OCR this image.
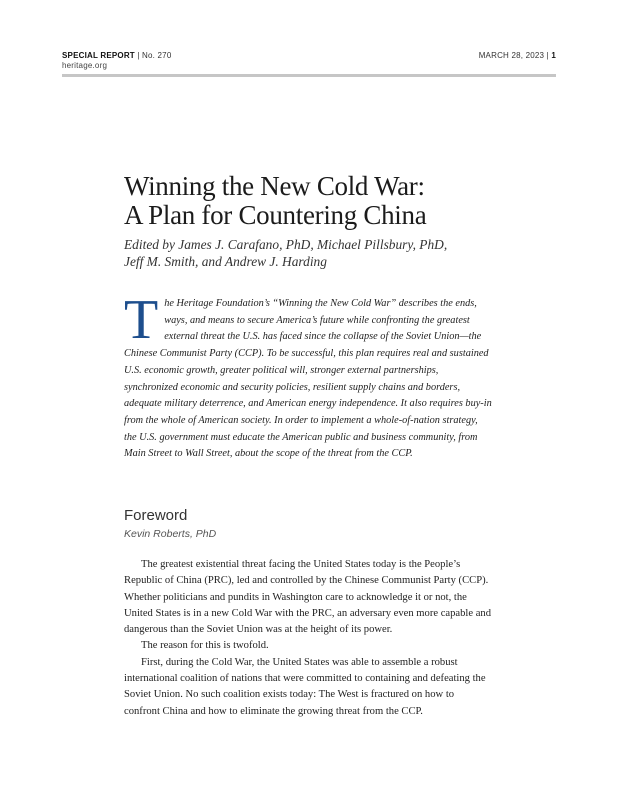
SPECIAL REPORT | No. 270
heritage.org
MARCH 28, 2023 | 1
Winning the New Cold War:
A Plan for Countering China

Edited by James J. Carafano, PhD, Michael Pillsbury, PhD,
Jeff M. Smith, and Andrew J. Harding

The Heritage Foundation’s “Winning the New Cold War” describes the ends, ways, and means to secure America’s future while confronting the greatest external threat the U.S. has faced since the collapse of the Soviet Union—the Chinese Communist Party (CCP). To be successful, this plan requires real and sustained U.S. economic growth, greater political will, stronger external partnerships, synchronized economic and security policies, resilient supply chains and borders, adequate military deterrence, and American energy independence. It also requires buy-in from the whole of American society. In order to implement a whole-of-nation strategy, the U.S. government must educate the American public and business community, from Main Street to Wall Street, about the scope of the threat from the CCP.

Foreword

Kevin Roberts, PhD

The greatest existential threat facing the United States today is the People’s Republic of China (PRC), led and controlled by the Chinese Communist Party (CCP). Whether politicians and pundits in Washington care to acknowledge it or not, the United States is in a new Cold War with the PRC, an adversary even more capable and dangerous than the Soviet Union was at the height of its power.

The reason for this is twofold.

First, during the Cold War, the United States was able to assemble a robust international coalition of nations that were committed to containing and defeating the Soviet Union. No such coalition exists today: The West is fractured on how to confront China and how to eliminate the growing threat from the CCP.
